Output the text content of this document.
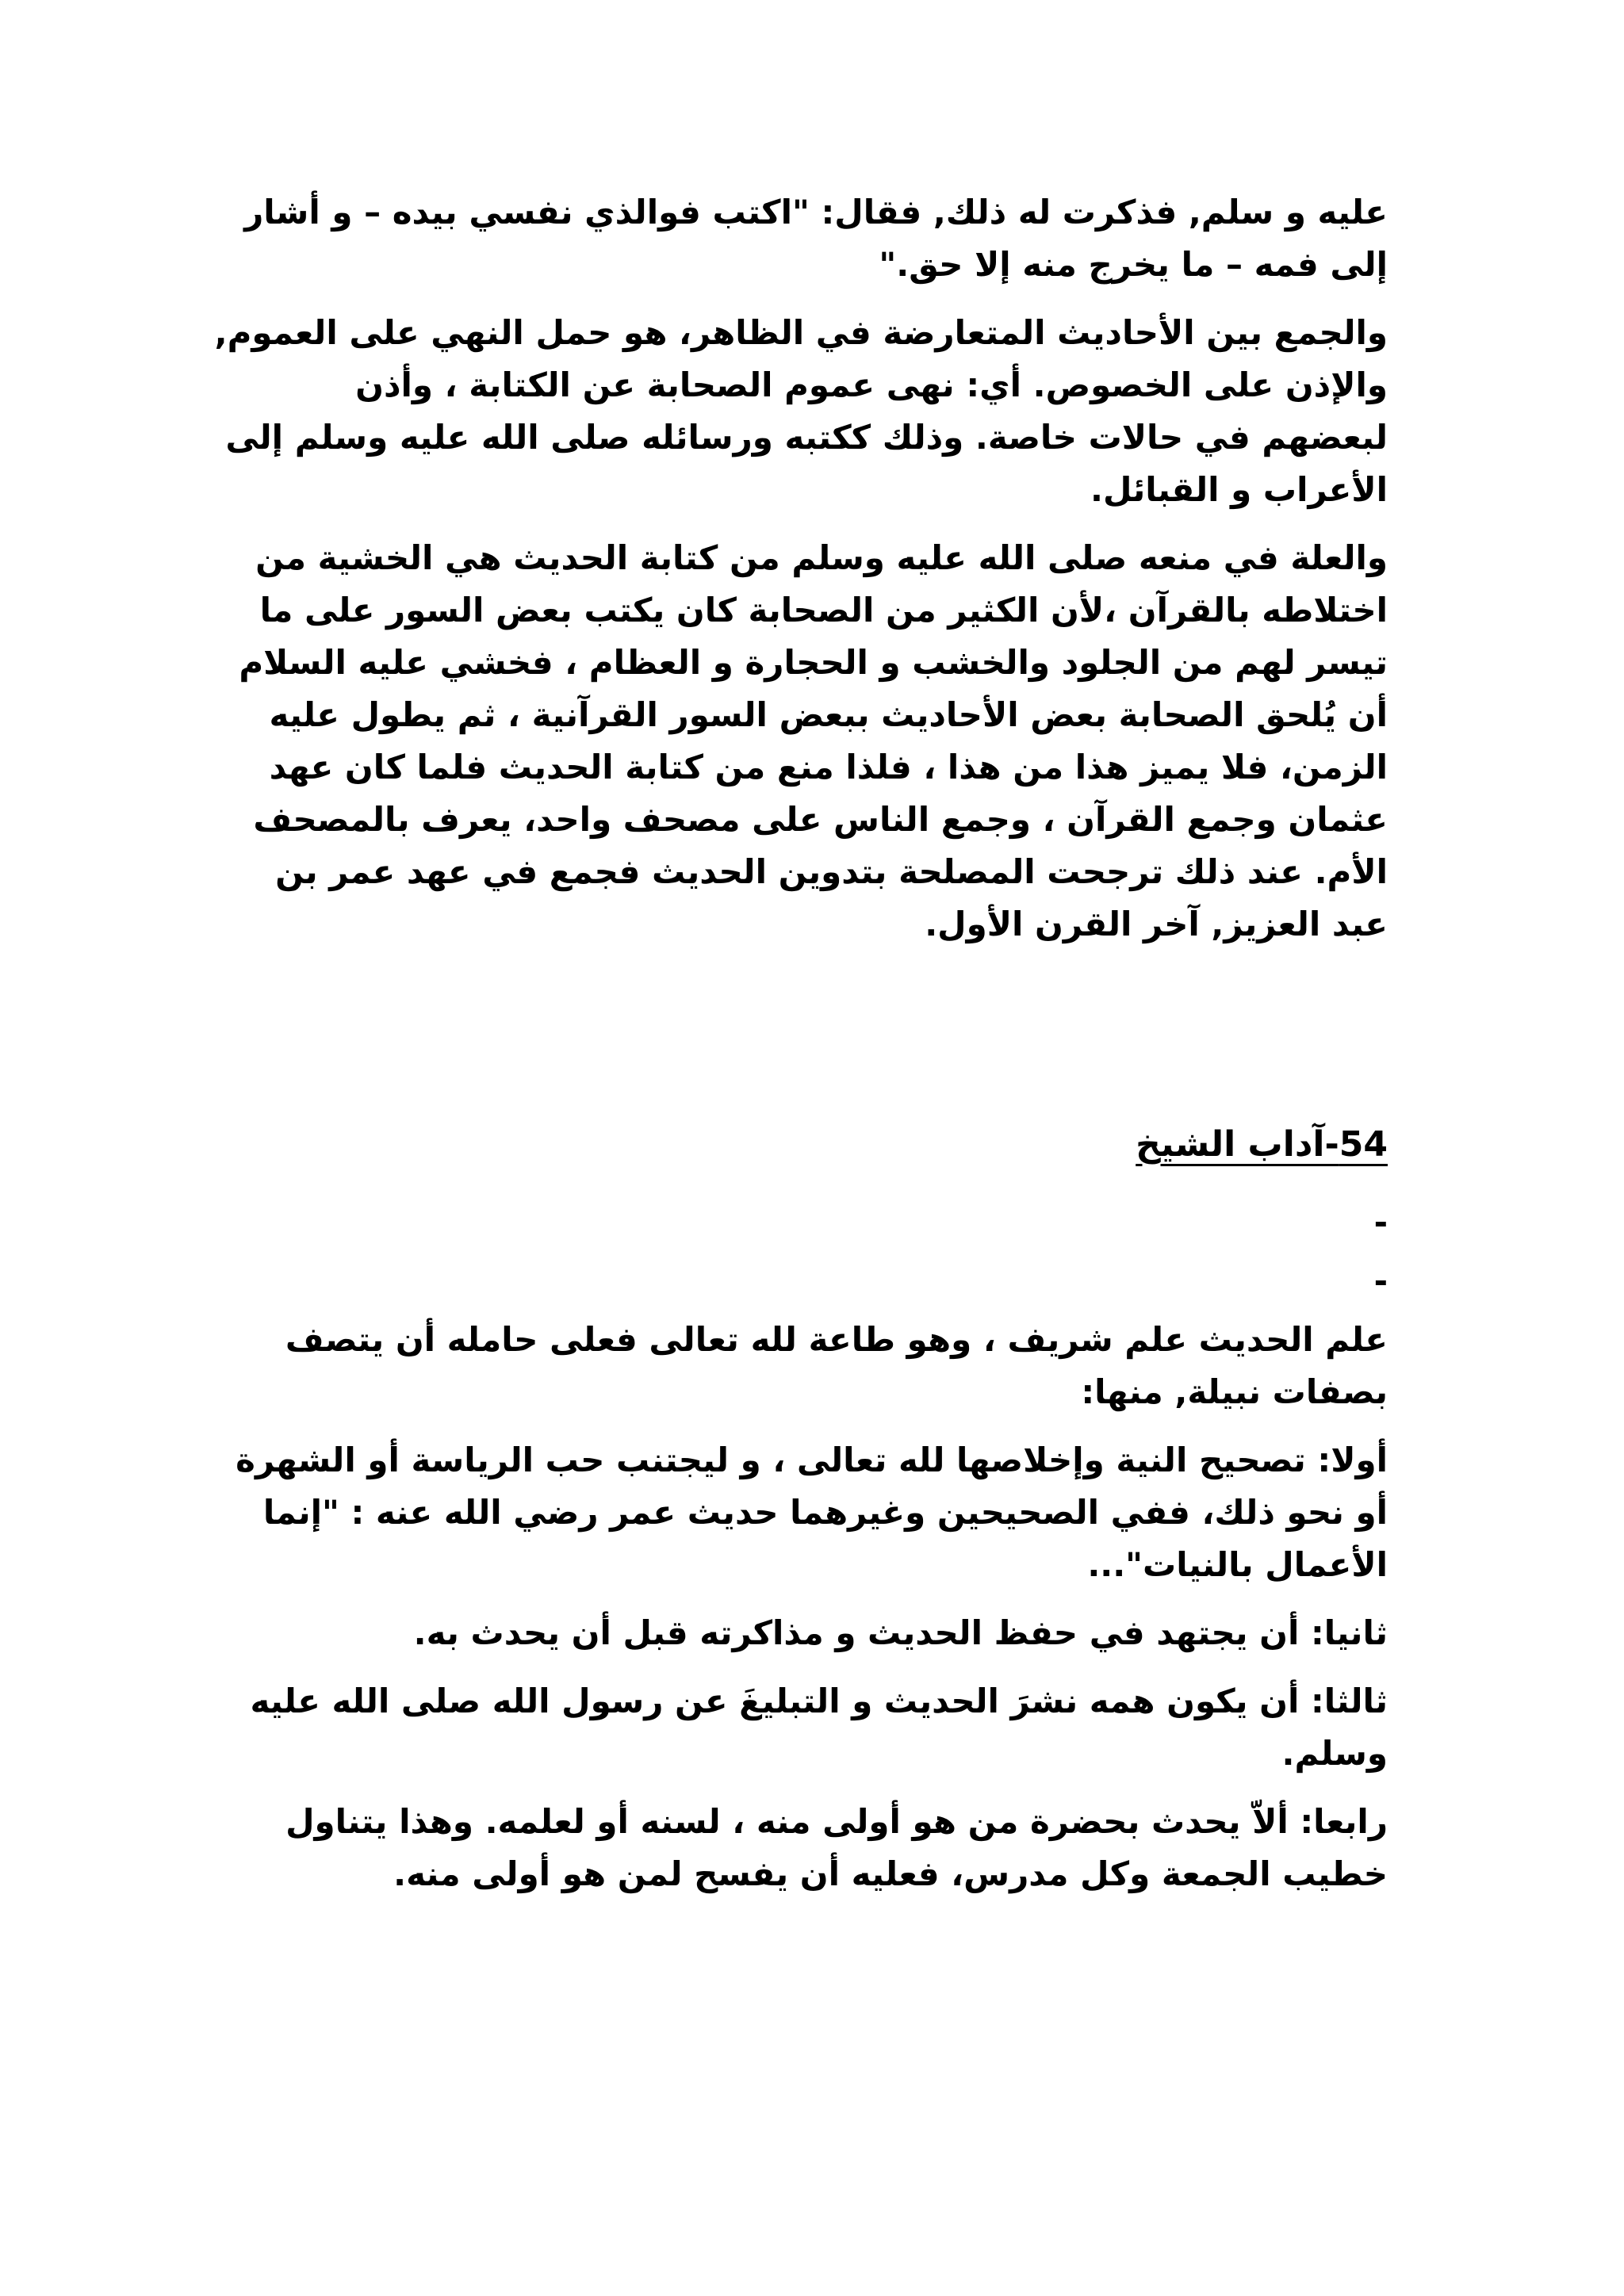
عليه و سلم, فذكرت له ذلك, فقال: "اكتب فوالذي نفسي بيده – و أشار
إلى فمه – ما يخرج منه إلا حق."
والجمع بين الأحاديث المتعارضة في الظاهر، هو حمل النهي على العموم,
والإذن على الخصوص. أي: نهى عموم الصحابة عن الكتابة ، وأذن
لبعضهم في حالات خاصة. وذلك ككتبه ورسائله صلى الله عليه وسلم إلى
الأعراب و القبائل.
والعلة في منعه صلى الله عليه وسلم من كتابة الحديث هي الخشية من
اختلاطه بالقرآن ،لأن الكثير من الصحابة كان يكتب بعض السور على ما
تيسر لهم من الجلود والخشب و الحجارة و العظام ، فخشي عليه السلام
أن يُلحق الصحابة بعض الأحاديث ببعض السور القرآنية ، ثم يطول عليه
الزمن، فلا يميز هذا من هذا ، فلذا منع من كتابة الحديث فلما كان عهد
عثمان وجمع القرآن ، وجمع الناس على مصحف واحد، يعرف بالمصحف
الأم. عند ذلك ترجحت المصلحة بتدوين الحديث فجمع في عهد عمر بن
عبد العزيز, آخر القرن الأول.
54-آداب الشيخ
-
-
علم الحديث علم شريف ، وهو طاعة لله تعالى فعلى حامله أن يتصف
بصفات نبيلة, منها:
أولا: تصحيح النية وإخلاصها لله تعالى ، و ليجتنب حب الرياسة أو الشهرة
أو نحو ذلك، ففي الصحيحين وغيرهما حديث عمر رضي الله عنه : "إنما
الأعمال بالنيات"...
ثانيا: أن يجتهد في حفظ الحديث و مذاكرته قبل أن يحدث به.
ثالثا: أن يكون همه نشرَ الحديث و التبليغَ عن رسول الله صلى الله عليه
وسلم.
رابعا: ألاّ يحدث بحضرة من هو أولى منه ، لسنه أو لعلمه. وهذا يتناول
خطيب الجمعة وكل مدرس، فعليه أن يفسح لمن هو أولى منه.
